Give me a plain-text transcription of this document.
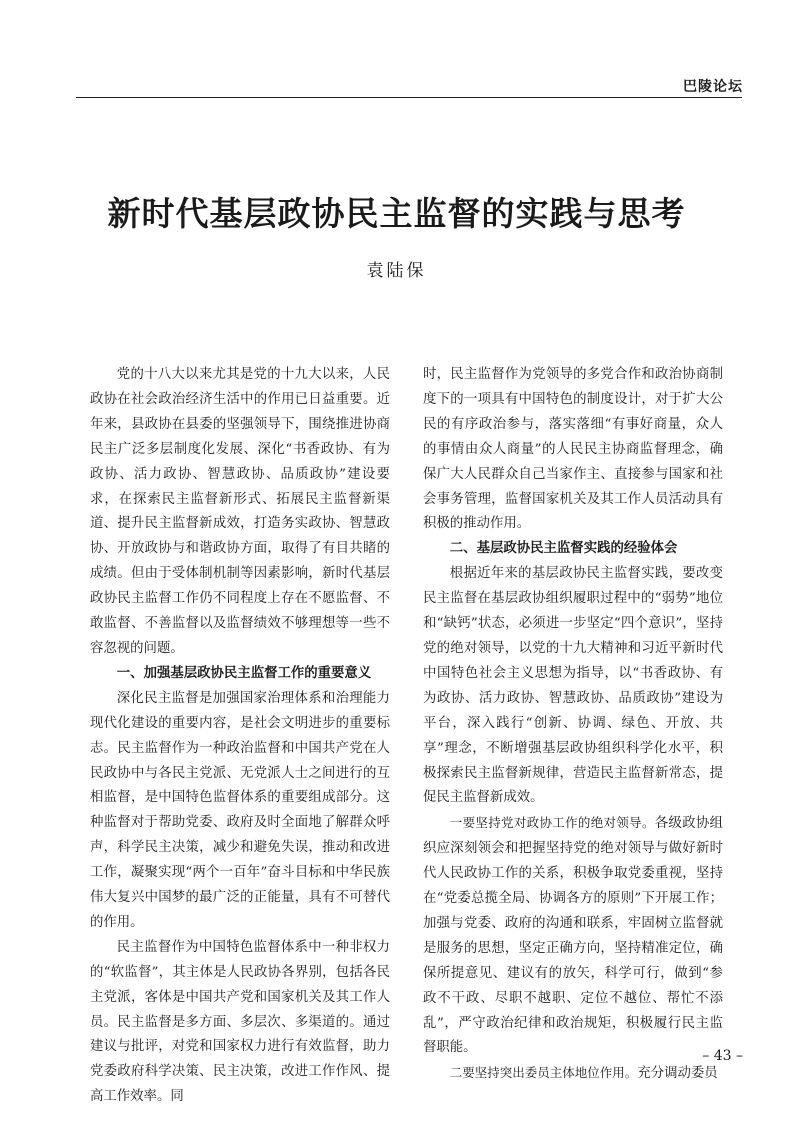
巴陵论坛
新时代基层政协民主监督的实践与思考
袁陆保

党的十八大以来尤其是党的十九大以来，人民政协在社会政治经济生活中的作用已日益重要。近年来，县政协在县委的坚强领导下，围绕推进协商民主广泛多层制度化发展、深化“书香政协、有为政协、活力政协、智慧政协、品质政协”建设要求，在探索民主监督新形式、拓展民主监督新渠道、提升民主监督新成效，打造务实政协、智慧政协、开放政协与和谐政协方面，取得了有目共睹的成绩。但由于受体制机制等因素影响，新时代基层政协民主监督工作仍不同程度上存在不愿监督、不敢监督、不善监督以及监督绩效不够理想等一些不容忽视的问题。

一、加强基层政协民主监督工作的重要意义

深化民主监督是加强国家治理体系和治理能力现代化建设的重要内容，是社会文明进步的重要标志。民主监督作为一种政治监督和中国共产党在人民政协中与各民主党派、无党派人士之间进行的互相监督，是中国特色监督体系的重要组成部分。这种监督对于帮助党委、政府及时全面地了解群众呼声，科学民主决策，减少和避免失误，推动和改进工作，凝聚实现“两个一百年”奋斗目标和中华民族伟大复兴中国梦的最广泛的正能量，具有不可替代的作用。

民主监督作为中国特色监督体系中一种非权力的“软监督”，其主体是人民政协各界别，包括各民主党派，客体是中国共产党和国家机关及其工作人员。民主监督是多方面、多层次、多渠道的。通过建议与批评，对党和国家权力进行有效监督，助力党委政府科学决策、民主决策，改进工作作风、提高工作效率。同

时，民主监督作为党领导的多党合作和政治协商制度下的一项具有中国特色的制度设计，对于扩大公民的有序政治参与，落实落细“有事好商量，众人的事情由众人商量”的人民民主协商监督理念，确保广大人民群众自己当家作主、直接参与国家和社会事务管理，监督国家机关及其工作人员活动具有积极的推动作用。

二、基层政协民主监督实践的经验体会

根据近年来的基层政协民主监督实践，要改变民主监督在基层政协组织履职过程中的“弱势”地位和“缺钙”状态，必须进一步坚定“四个意识”，坚持党的绝对领导，以党的十九大精神和习近平新时代中国特色社会主义思想为指导，以“书香政协、有为政协、活力政协、智慧政协、品质政协”建设为平台，深入践行“创新、协调、绿色、开放、共享”理念，不断增强基层政协组织科学化水平，积极探索民主监督新规律，营造民主监督新常态，提促民主监督新成效。

一要坚持党对政协工作的绝对领导。各级政协组织应深刻领会和把握坚持党的绝对领导与做好新时代人民政协工作的关系，积极争取党委重视，坚持在“党委总揽全局、协调各方的原则”下开展工作；加强与党委、政府的沟通和联系，牢固树立监督就是服务的思想，坚定正确方向，坚持精准定位，确保所提意见、建议有的放矢，科学可行，做到“参政不干政、尽职不越职、定位不越位、帮忙不添乱”，严守政治纪律和政治规矩，积极履行民主监督职能。

二要坚持突出委员主体地位作用。充分调动委员

– 43 –
